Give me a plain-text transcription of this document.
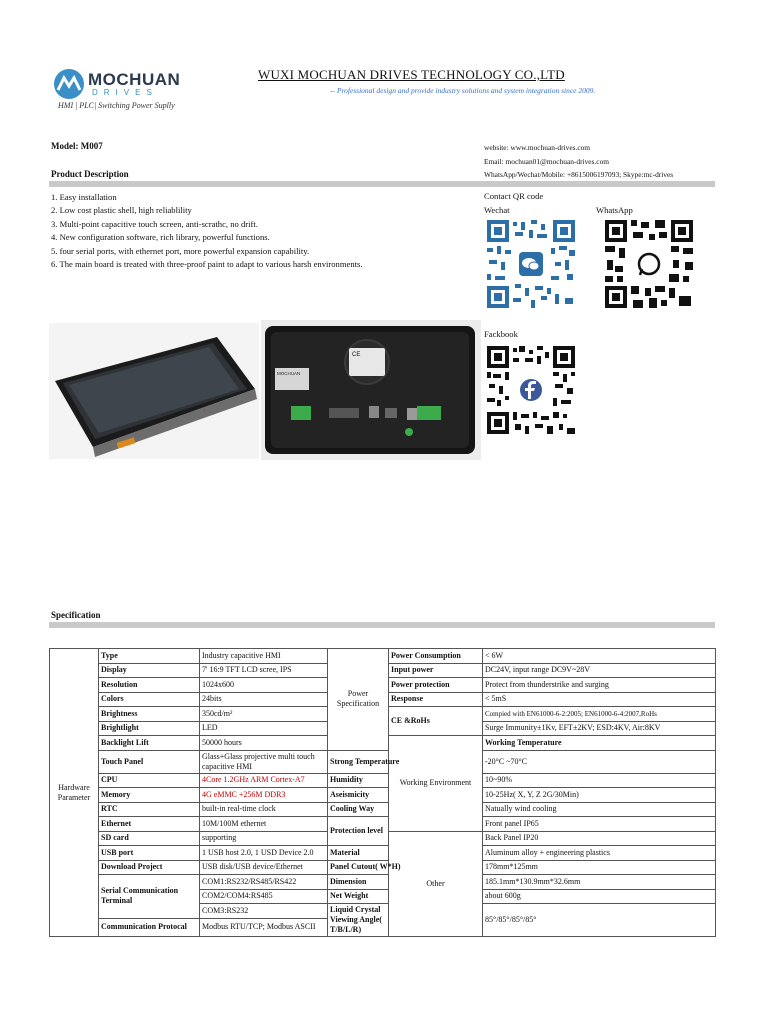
MOCHUAN
DRIVES
HMI | PLC| Switching Power Suplly
WUXI MOCHUAN DRIVES TECHNOLOGY CO.,LTD
-- Professional design and provide industry solutions and system integration since 2009.
Model: M007
Product Description
1. Easy installation
2. Low cost plastic shell, high reliablility
3. Multi-point capacitive touch screen, anti-scrathc, no drift.
4. New configuration software, rich library, powerful functions.
5. four serial ports, with ethernet port, more powerful expansion capability.
6. The main board is treated with three-proof paint to adapt to various harsh environments.
website: www.mochuan-drives.com
Email: mochuan01@mochuan-drives.com
WhatsApp/Wechat/Mobile: +8615006197093; Skype:mc-drives
Contact QR code
Wechat	WhatsApp
Fackbook
CE
MOCHUAN
Specification
Hardware Parameter	Type	Industry capacitive HMI	Power Specification	Power Consumption	< 6W	
	Display	7' 16:9 TFT LCD scree, IPS		Input power	DC24V, input range DC9V~28V	
	Resolution	1024x600		Power protection	Protect from thunderstrike and surging	
	Colors	24bits		Response	< 5mS	
	Brightness	350cd/m²		CE &RoHs	Compied with EN61000-6-2:2005; EN61000-6-4:2007,RoHs	
	Brightlight	LED			Surge Immunity±1Kv, EFT±2KV; ESD:4KV, Air:8KV	
	Backlight Lift	50000 hours		Working Environment	Working Temperature	
	Touch Panel	Glass+Glass projective multi touch capacitive HMI	Strong Temperature		-20°C ~70°C	

	CPU	4Core 1.2GHz ARM Cortex-A7	Humidity		10~90%	
	Memory	4G eMMC +256M DDR3	Aseismicity		10-25Hz( X, Y, Z 2G/30Min)	
	RTC	built-in real-time clock	Cooling Way		Natually wind cooling	
	Ethernet	10M/100M ethernet	Protection level		Front panel IP65	
	SD card	supporting		Other	Back Panel IP20	
	USB port	1 USB host 2.0, 1 USD Device 2.0	Material		Aluminum alloy + engineering plastics	
	Download Project	USB disk/USB device/Ethernet	Panel Cutout( W*H)		178mm*125mm	
	Serial Communication Terminal	COM1:RS232/RS485/RS422	Dimension		185.1mm*130.9mm*32.6mm	
		COM2/COM4:RS485	Net Weight		about 600g	
		COM3:RS232	Liquid Crystal Viewing Angle( T/B/L/R)		85°/85°/85°/85°	
	Communication Protocal	Modbus RTU/TCP; Modbus ASCII				
